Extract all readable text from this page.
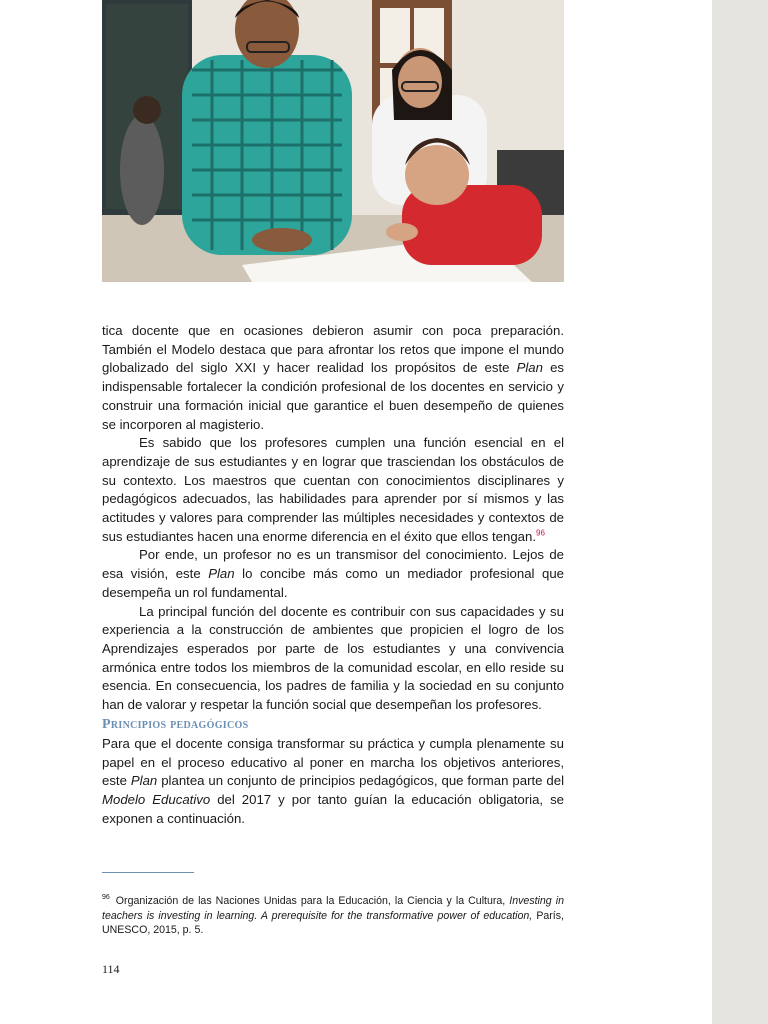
tica docente que en ocasiones debieron asumir con poca preparación. También el Modelo destaca que para afrontar los retos que impone el mundo globalizado del siglo XXI y hacer realidad los propósitos de este Plan es indispensable fortalecer la condición profesional de los docentes en servicio y construir una formación inicial que garantice el buen desempeño de quienes se incorporen al magisterio.

Es sabido que los profesores cumplen una función esencial en el aprendizaje de sus estudiantes y en lograr que trasciendan los obstáculos de su contexto. Los maestros que cuentan con conocimientos disciplinares y pedagógicos adecuados, las habilidades para aprender por sí mismos y las actitudes y valores para comprender las múltiples necesidades y contextos de sus estudiantes hacen una enorme diferencia en el éxito que ellos tengan.$^{96}$

Por ende, un profesor no es un transmisor del conocimiento. Lejos de esa visión, este Plan lo concibe más como un mediador profesional que desempeña un rol fundamental.

La principal función del docente es contribuir con sus capacidades y su experiencia a la construcción de ambientes que propicien el logro de los Aprendizajes esperados por parte de los estudiantes y una convivencia armónica entre todos los miembros de la comunidad escolar, en ello reside su esencia. En consecuencia, los padres de familia y la sociedad en su conjunto han de valorar y respetar la función social que desempeñan los profesores.

Principios pedagógicos

Para que el docente consiga transformar su práctica y cumpla plenamente su papel en el proceso educativo al poner en marcha los objetivos anteriores, este Plan plantea un conjunto de principios pedagógicos, que forman parte del Modelo Educativo del 2017 y por tanto guían la educación obligatoria, se exponen a continuación.

$^{96}$ Organización de las Naciones Unidas para la Educación, la Ciencia y la Cultura, Investing in teachers is investing in learning. A prerequisite for the transformative power of education, París, UNESCO, 2015, p. 5.
114
